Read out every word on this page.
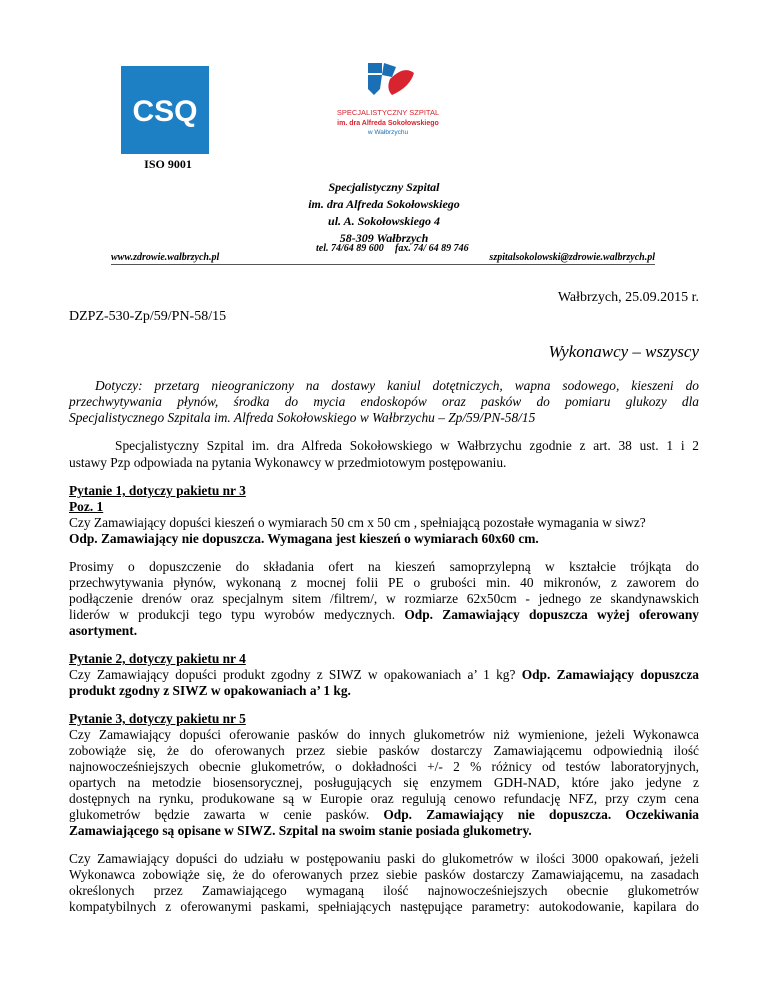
CSQ
ISO 9001
SPECJALISTYCZNY SZPITAL
im. dra Alfreda Sokołowskiego
w Wałbrzychu
Specjalistyczny Szpital
im. dra Alfreda Sokołowskiego
ul. A. Sokołowskiego 4
58-309 Wałbrzych
tel. 74/64 89 600 fax. 74/ 64 89 746
www.zdrowie.walbrzych.pl	szpitalsokolowski@zdrowie.walbrzych.pl
Wałbrzych, 25.09.2015 r.
DZPZ-530-Zp/59/PN-58/15
Wykonawcy – wszyscy
Dotyczy: przetarg nieograniczony na dostawy kaniul dotętniczych, wapna sodowego, kieszeni do
przechwytywania płynów, środka do mycia endoskopów oraz pasków do pomiaru glukozy dla
Specjalistycznego Szpitala im. Alfreda Sokołowskiego w Wałbrzychu – Zp/59/PN-58/15
Specjalistyczny Szpital im. dra Alfreda Sokołowskiego w Wałbrzychu zgodnie z art. 38 ust. 1 i 2
ustawy Pzp odpowiada na pytania Wykonawcy w przedmiotowym postępowaniu.
Pytanie 1, dotyczy pakietu nr 3
Poz. 1
Czy Zamawiający dopuści kieszeń o wymiarach 50 cm x 50 cm , spełniającą pozostałe wymagania w siwz?
Odp. Zamawiający nie dopuszcza. Wymagana jest kieszeń o wymiarach 60x60 cm.
Prosimy o dopuszczenie do składania ofert na kieszeń samoprzylepną w kształcie trójkąta do
przechwytywania płynów, wykonaną z mocnej folii PE o grubości min. 40 mikronów, z zaworem do
podłączenie drenów oraz specjalnym sitem /filtrem/, w rozmiarze 62x50cm - jednego ze skandynawskich
liderów w produkcji tego typu wyrobów medycznych. Odp. Zamawiający dopuszcza wyżej oferowany
asortyment.
Pytanie 2, dotyczy pakietu nr 4
Czy Zamawiający dopuści produkt zgodny z SIWZ w opakowaniach a’ 1 kg? Odp. Zamawiający dopuszcza
produkt zgodny z SIWZ w opakowaniach a’ 1 kg.
Pytanie 3, dotyczy pakietu nr 5
Czy Zamawiający dopuści oferowanie pasków do innych glukometrów niż wymienione, jeżeli Wykonawca
zobowiąże się, że do oferowanych przez siebie pasków dostarczy Zamawiającemu odpowiednią ilość
najnowocześniejszych obecnie glukometrów, o dokładności +/- 2 % różnicy od testów laboratoryjnych,
opartych na metodzie biosensorycznej, posługujących się enzymem GDH-NAD, które jako jedyne z
dostępnych na rynku, produkowane są w Europie oraz regulują cenowo refundację NFZ, przy czym cena
glukometrów będzie zawarta w cenie pasków. Odp. Zamawiający nie dopuszcza. Oczekiwania
Zamawiającego są opisane w SIWZ. Szpital na swoim stanie posiada glukometry.
Czy Zamawiający dopuści do udziału w postępowaniu paski do glukometrów w ilości 3000 opakowań, jeżeli
Wykonawca zobowiąże się, że do oferowanych przez siebie pasków dostarczy Zamawiającemu, na zasadach
określonych przez Zamawiającego wymaganą ilość najnowocześniejszych obecnie glukometrów
kompatybilnych z oferowanymi paskami, spełniających następujące parametry: autokodowanie, kapilara do
